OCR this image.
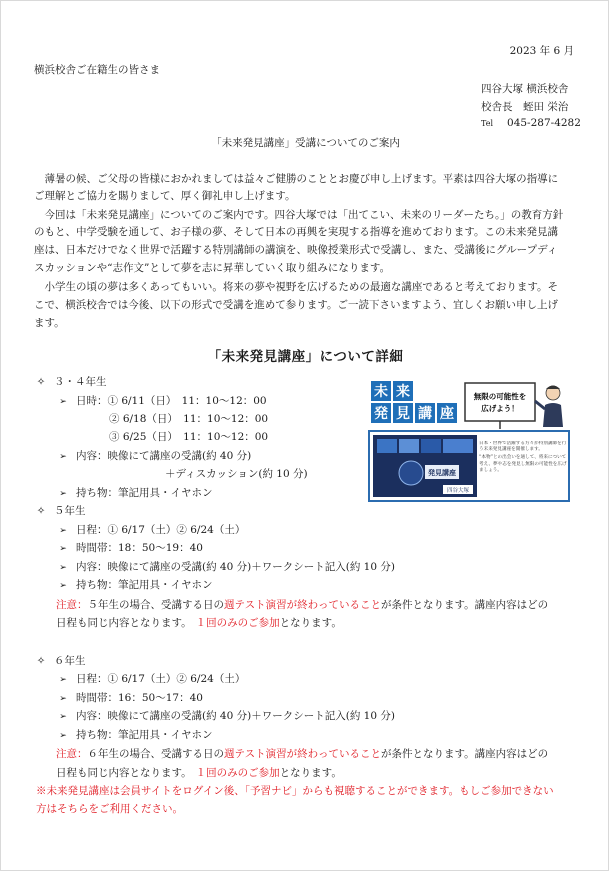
2023 年 6 月
横浜校舎ご在籍生の皆さま
四谷大塚 横浜校舎
校舎長　蛭田 栄治
Tel 045-287-4282
「未来発見講座」受講についてのご案内
　薄暑の候、ご父母の皆様におかれましては益々ご健勝のこととお慶び申し上げます。平素は四谷大塚の指導に
ご理解とご協力を賜りまして、厚く御礼申し上げます。
　今回は「未来発見講座」についてのご案内です。四谷大塚では「出てこい、未来のリーダーたち。」の教育方針
のもと、中学受験を通して、お子様の夢、そして日本の再興を実現する指導を進めております。この未来発見講
座は、日本だけでなく世界で活躍する特別講師の講演を、映像授業形式で受講し、また、受講後にグループディ
スカッションや“志作文”として夢を志に昇華していく取り組みになります。
　小学生の頃の夢は多くあってもいい。将来の夢や視野を広げるための最適な講座であると考えております。そ
こで、横浜校舎では今後、以下の形式で受講を進めて参ります。ご一読下さいますよう、宜しくお願い申し上げ
ます。
「未来発見講座」について詳細
✧ ３・４年生
➢ 日時：① 6/11（日）　11：10～12：00
② 6/18（日）　11：10～12：00
③ 6/25（日）　11：10～12：00
➢ 内容：映像にて講座の受講(約 40 分)
＋ディスカッション(約 10 分)
➢ 持ち物：筆記用具・イヤホン
✧ ５年生
➢ 日程：① 6/17（土）② 6/24（土）
➢ 時間帯：18：50～19：40
➢ 内容：映像にて講座の受講(約 40 分)＋ワークシート記入(約 10 分)
➢ 持ち物：筆記用具・イヤホン
注意：５年生の場合、受講する日の週テスト演習が終わっていることが条件となります。講座内容はどの
日程も同じ内容となります。 １回のみのご参加となります。
✧ ６年生
➢ 日程：① 6/17（土）② 6/24（土）
➢ 時間帯：16：50～17：40
➢ 内容：映像にて講座の受講(約 40 分)＋ワークシート記入(約 10 分)
➢ 持ち物：筆記用具・イヤホン
注意：６年生の場合、受講する日の週テスト演習が終わっていることが条件となります。講座内容はどの
日程も同じ内容となります。 １回のみのご参加となります。
※未来発見講座は会員サイトをログイン後、「予習ナビ」からも視聴することができます。もしご参加できない
方はそちらをご利用ください。
未 来
発 見 講 座
無限の可能性を
広げよう！
発見講座
四谷大塚
日本・世界で活躍する方々が特別講師を行う未来発見講座を開催します。
“本物”との出会いを通して、将来について考え、夢や志を発見し無限の可能性を広げましょう。
